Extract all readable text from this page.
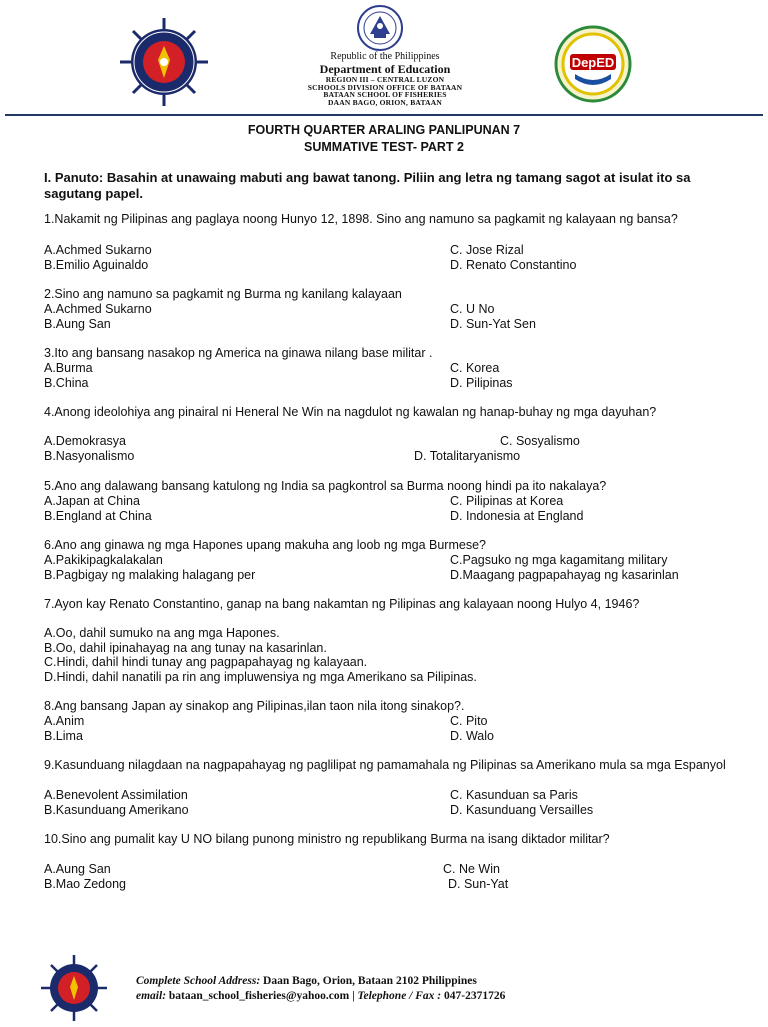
DepED
Republic of the Philippines
Department of Education
REGION III – CENTRAL LUZON
SCHOOLS DIVISION OFFICE OF BATAAN
BATAAN SCHOOL OF FISHERIES
DAAN BAGO, ORION, BATAAN
FOURTH QUARTER ARALING PANLIPUNAN 7
SUMMATIVE TEST- PART 2
I. Panuto: Basahin at unawaing mabuti ang bawat tanong. Piliin ang letra ng tamang sagot at isulat ito sa sagutang papel.
1.Nakamit ng Pilipinas ang paglaya noong Hunyo 12, 1898. Sino ang namuno sa pagkamit ng kalayaan ng bansa?
A.Achmed Sukarno
B.Emilio Aguinaldo
C. Jose Rizal
D. Renato Constantino
2.Sino ang namuno sa pagkamit ng Burma ng kanilang kalayaan
A.Achmed Sukarno
B.Aung San
C. U No
D. Sun-Yat Sen
3.Ito ang bansang nasakop ng America na ginawa nilang base militar .
A.Burma
B.China
C. Korea
D. Pilipinas
4.Anong ideolohiya ang pinairal ni Heneral Ne Win na nagdulot ng kawalan ng hanap-buhay ng mga dayuhan?
A.Demokrasya
B.Nasyonalismo
C. Sosyalismo
D. Totalitaryanismo
5.Ano ang dalawang bansang katulong ng India sa pagkontrol sa Burma noong hindi pa ito nakalaya?
A.Japan at China
B.England at China
C. Pilipinas at Korea
D. Indonesia at England
6.Ano ang ginawa ng mga Hapones upang makuha ang loob ng mga Burmese?
A.Pakikipagkalakalan
B.Pagbigay ng malaking halagang per
C.Pagsuko ng mga kagamitang military
D.Maagang pagpapahayag ng kasarinlan
7.Ayon kay Renato Constantino, ganap na bang nakamtan ng Pilipinas ang kalayaan noong Hulyo 4, 1946?
A.Oo, dahil sumuko na ang mga Hapones.
B.Oo, dahil ipinahayag na ang tunay na kasarinlan.
C.Hindi, dahil hindi tunay ang pagpapahayag ng kalayaan.
D.Hindi, dahil nanatili pa rin ang impluwensiya ng mga Amerikano sa Pilipinas.
8.Ang bansang Japan ay sinakop ang Pilipinas,ilan taon nila itong sinakop?.
A.Anim
B.Lima
C. Pito
D. Walo
9.Kasunduang nilagdaan na nagpapahayag ng paglilipat ng pamamahala ng Pilipinas sa Amerikano mula sa mga Espanyol
A.Benevolent Assimilation
B.Kasunduang Amerikano
C. Kasunduan sa Paris
D. Kasunduang Versailles
10.Sino ang pumalit kay U NO bilang punong ministro ng republikang Burma na isang diktador militar?
A.Aung San
B.Mao Zedong
C. Ne Win
D. Sun-Yat
Complete School Address: Daan Bago, Orion, Bataan 2102 Philippines
email: bataan_school_fisheries@yahoo.com | Telephone / Fax : 047-2371726
